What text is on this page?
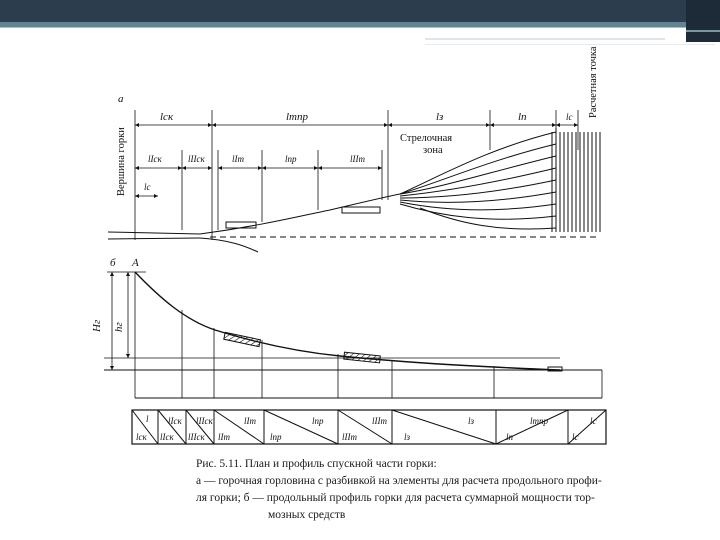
а
Вершина горки
Расчетная точка
lск	lтпр	lз	lп	lс
lIск	lIIск	lIт	lпр	lIIт
lс
Стрелочная
зона
б A
Hг hг
l
lск
lIск
lIск
lIIск
lIIск
lIт
lIт
lпр
lпр
lIIт
lIIт
lз
lз
lтпр
lп
lс
lс
Рис. 5.11. План и профиль спускной части горки:
а — горочная горловина с разбивкой на элементы для расчета продольного профи-
ля горки; б — продольный профиль горки для расчета суммарной мощности тор-
мозных средств
